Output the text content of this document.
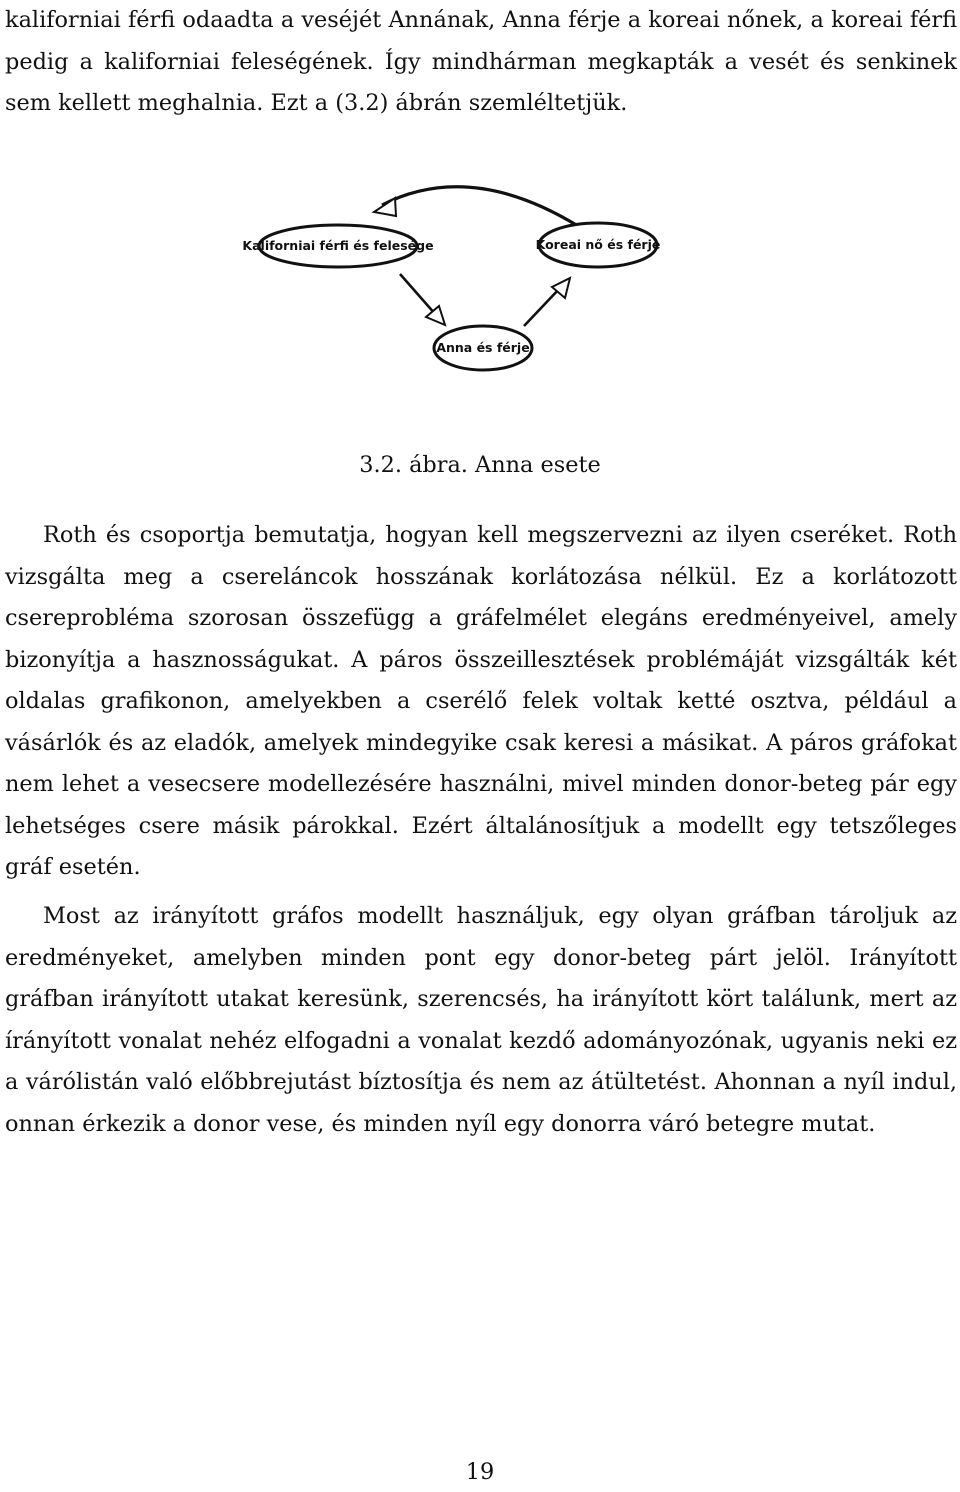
kaliforniai férfi odaadta a veséjét Annának, Anna férje a koreai nőnek, a koreai férfi pedig a kaliforniai feleségének. Így mindhárman megkapták a vesét és senkinek sem kellett meghalnia. Ezt a (3.2) ábrán szemléltetjük.

Kaliforniai férfi és felesége	Koreai nő és férje
Anna és férje

3.2. ábra. Anna esete

Roth és csoportja bemutatja, hogyan kell megszervezni az ilyen cseréket. Roth vizsgálta meg a csereláncok hosszának korlátozása nélkül. Ez a korlátozott csereprobléma szorosan összefügg a gráfelmélet elegáns eredményeivel, amely bizonyítja a hasznosságukat. A páros összeillesztések problémáját vizsgálták két oldalas grafikonon, amelyekben a cserélő felek voltak ketté osztva, például a vásárlók és az eladók, amelyek mindegyike csak keresi a másikat. A páros gráfokat nem lehet a vesecsere modellezésére használni, mivel minden donor-beteg pár egy lehetséges csere másik párokkal. Ezért általánosítjuk a modellt egy tetszőleges gráf esetén.

Most az irányított gráfos modellt használjuk, egy olyan gráfban tároljuk az eredményeket, amelyben minden pont egy donor-beteg párt jelöl. Irányított gráfban irányított utakat keresünk, szerencsés, ha irányított kört találunk, mert az írányított vonalat nehéz elfogadni a vonalat kezdő adományozónak, ugyanis neki ez a várólistán való előbbrejutást bíztosítja és nem az átültetést. Ahonnan a nyíl indul, onnan érkezik a donor vese, és minden nyíl egy donorra váró betegre mutat.

19
